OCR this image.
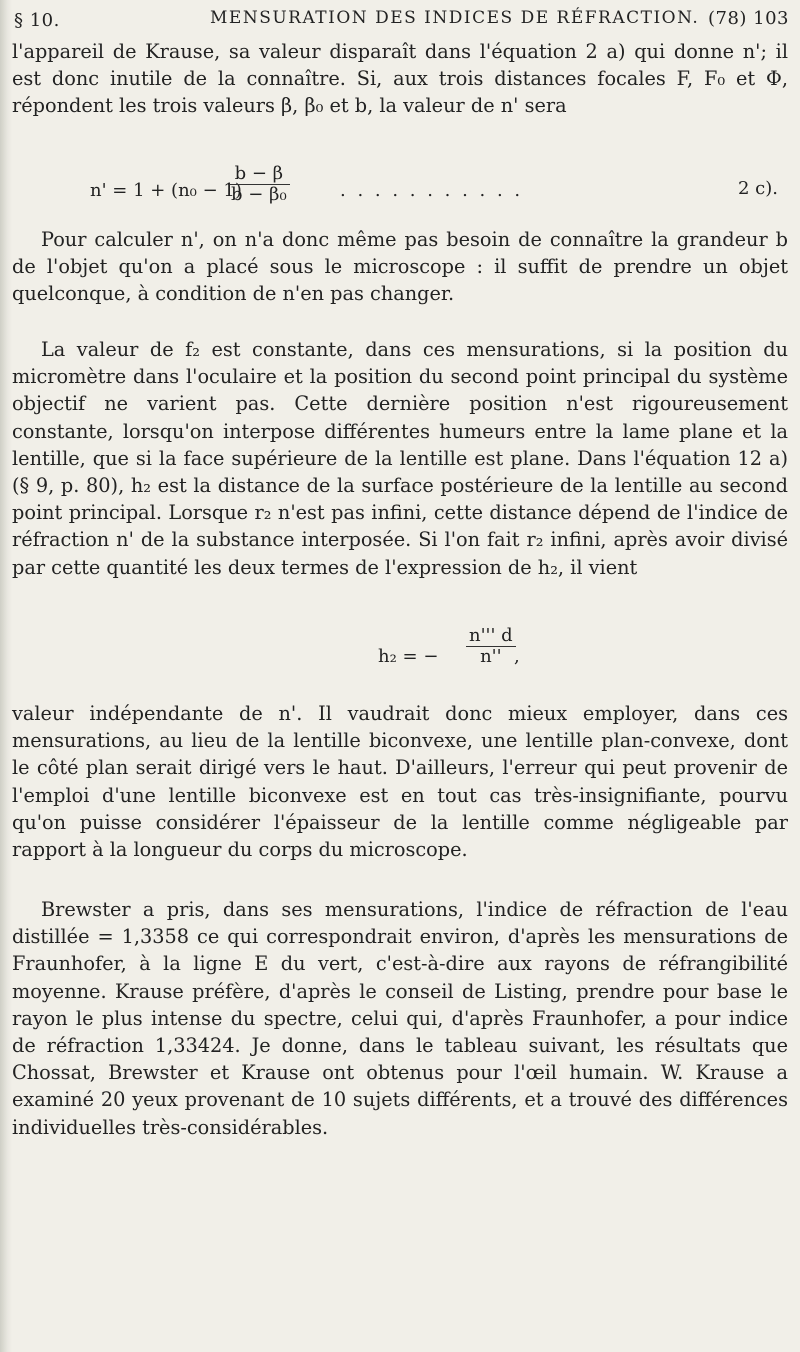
§ 10.	MENSURATION DES INDICES DE RÉFRACTION. (78) 103

l'appareil de Krause, sa valeur disparaît dans l'équation 2 a) qui donne n'; il est donc inutile de la connaître. Si, aux trois distances focales F, F₀ et Φ, répondent les trois valeurs β, β₀ et b, la valeur de n' sera

n' = 1 + (n₀ − 1)
$\frac{b - \beta}{\text{b − β₀}}$	. . . . . . . . . . .	2 c).

Pour calculer n', on n'a donc même pas besoin de connaître la grandeur b de l'objet qu'on a placé sous le microscope : il suffit de prendre un objet quelconque, à condition de n'en pas changer.

La valeur de f₂ est constante, dans ces mensurations, si la position du micromètre dans l'oculaire et la position du second point principal du système objectif ne varient pas. Cette dernière position n'est rigoureusement constante, lorsqu'on interpose différentes humeurs entre la lame plane et la lentille, que si la face supérieure de la lentille est plane. Dans l'équation 12 a) (§ 9, p. 80), h₂ est la distance de la surface postérieure de la lentille au second point principal. Lorsque r₂ n'est pas infini, cette distance dépend de l'indice de réfraction n' de la substance interposée. Si l'on fait r₂ infini, après avoir divisé par cette quantité les deux termes de l'expression de h₂, il vient

h₂ = − $\frac{n''' d}{n''}$
,

valeur indépendante de n'. Il vaudrait donc mieux employer, dans ces mensurations, au lieu de la lentille biconvexe, une lentille plan-convexe, dont le côté plan serait dirigé vers le haut. D'ailleurs, l'erreur qui peut provenir de l'emploi d'une lentille biconvexe est en tout cas très-insignifiante, pourvu qu'on puisse considérer l'épaisseur de la lentille comme négligeable par rapport à la longueur du corps du microscope.

Brewster a pris, dans ses mensurations, l'indice de réfraction de l'eau distillée = 1,3358 ce qui correspondrait environ, d'après les mensurations de Fraunhofer, à la ligne E du vert, c'est-à-dire aux rayons de réfrangibilité moyenne. Krause préfère, d'après le conseil de Listing, prendre pour base le rayon le plus intense du spectre, celui qui, d'après Fraunhofer, a pour indice de réfraction 1,33424. Je donne, dans le tableau suivant, les résultats que Chossat, Brewster et Krause ont obtenus pour l'œil humain. W. Krause a examiné 20 yeux provenant de 10 sujets différents, et a trouvé des différences individuelles très-considérables.
